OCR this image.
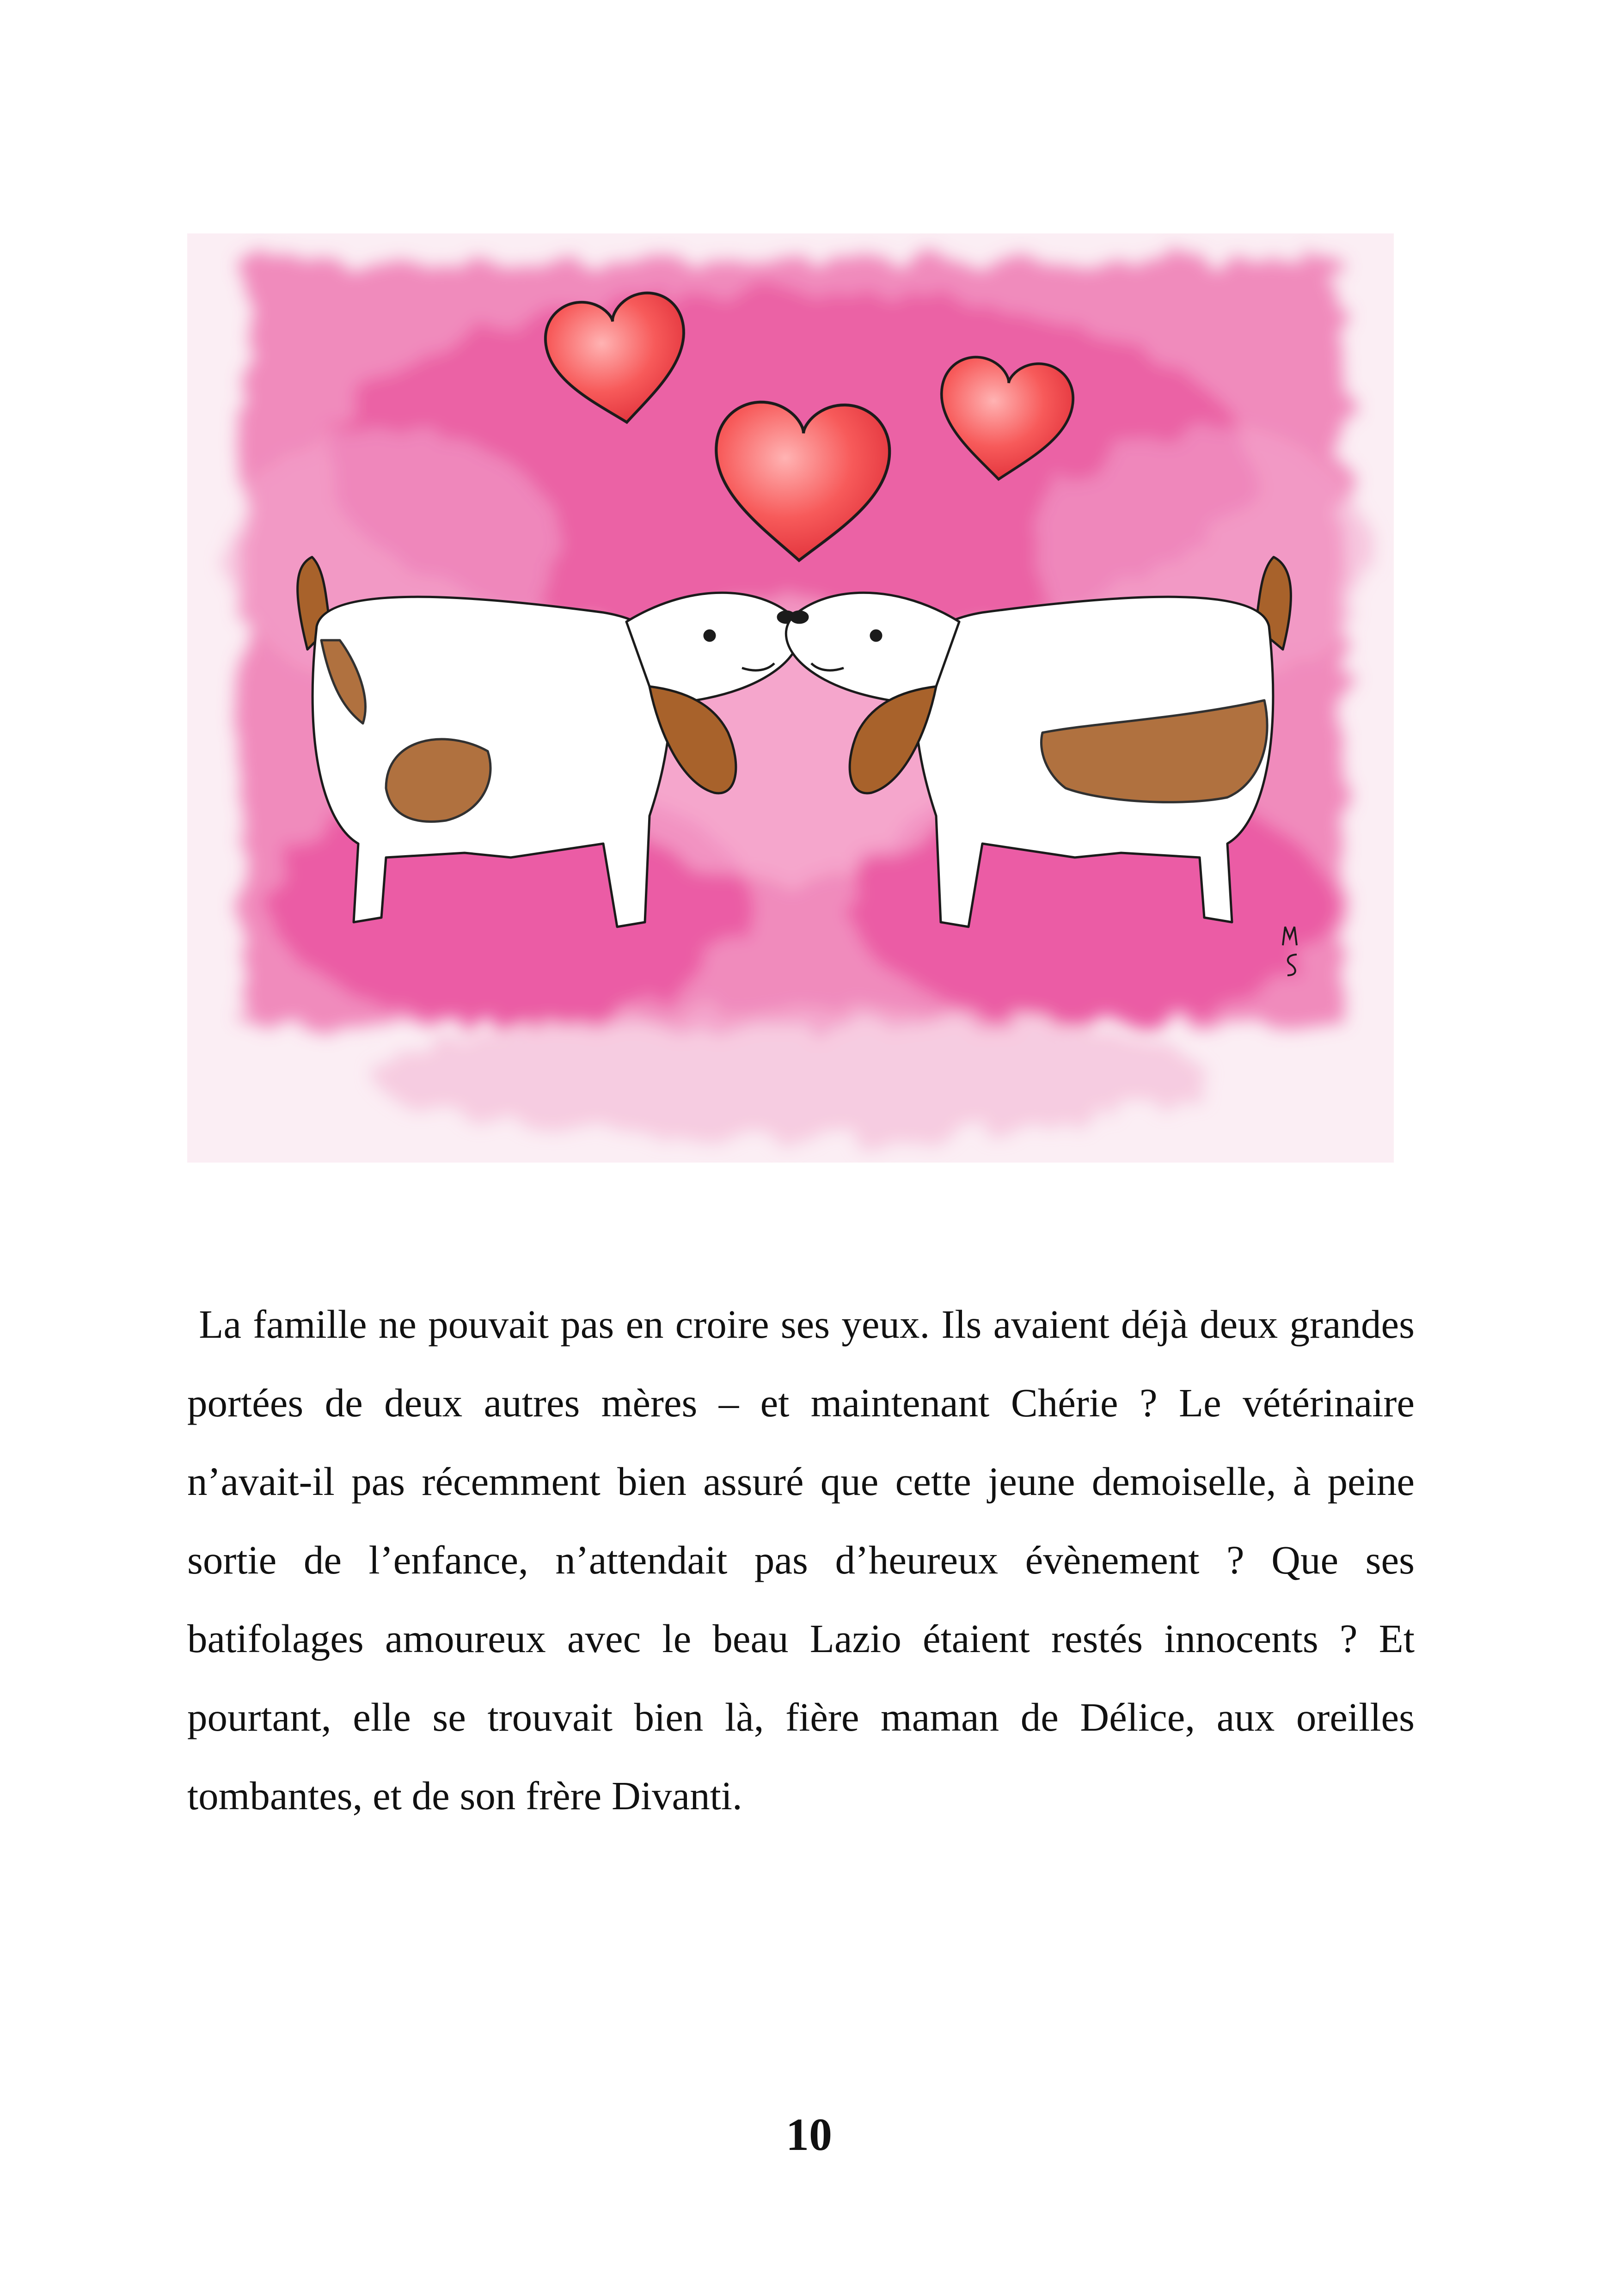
La famille ne pouvait pas en croire ses yeux. Ils avaient déjà deux grandes portées de deux autres mères – et maintenant Chérie ? Le vétérinaire n’avait-il pas récemment bien assuré que cette jeune demoiselle, à peine sortie de l’enfance, n’attendait pas d’heureux évènement ? Que ses batifolages amoureux avec le beau Lazio étaient restés innocents ? Et pourtant, elle se trouvait bien là, fière maman de Délice, aux oreilles tombantes, et de son frère Divanti.
10
